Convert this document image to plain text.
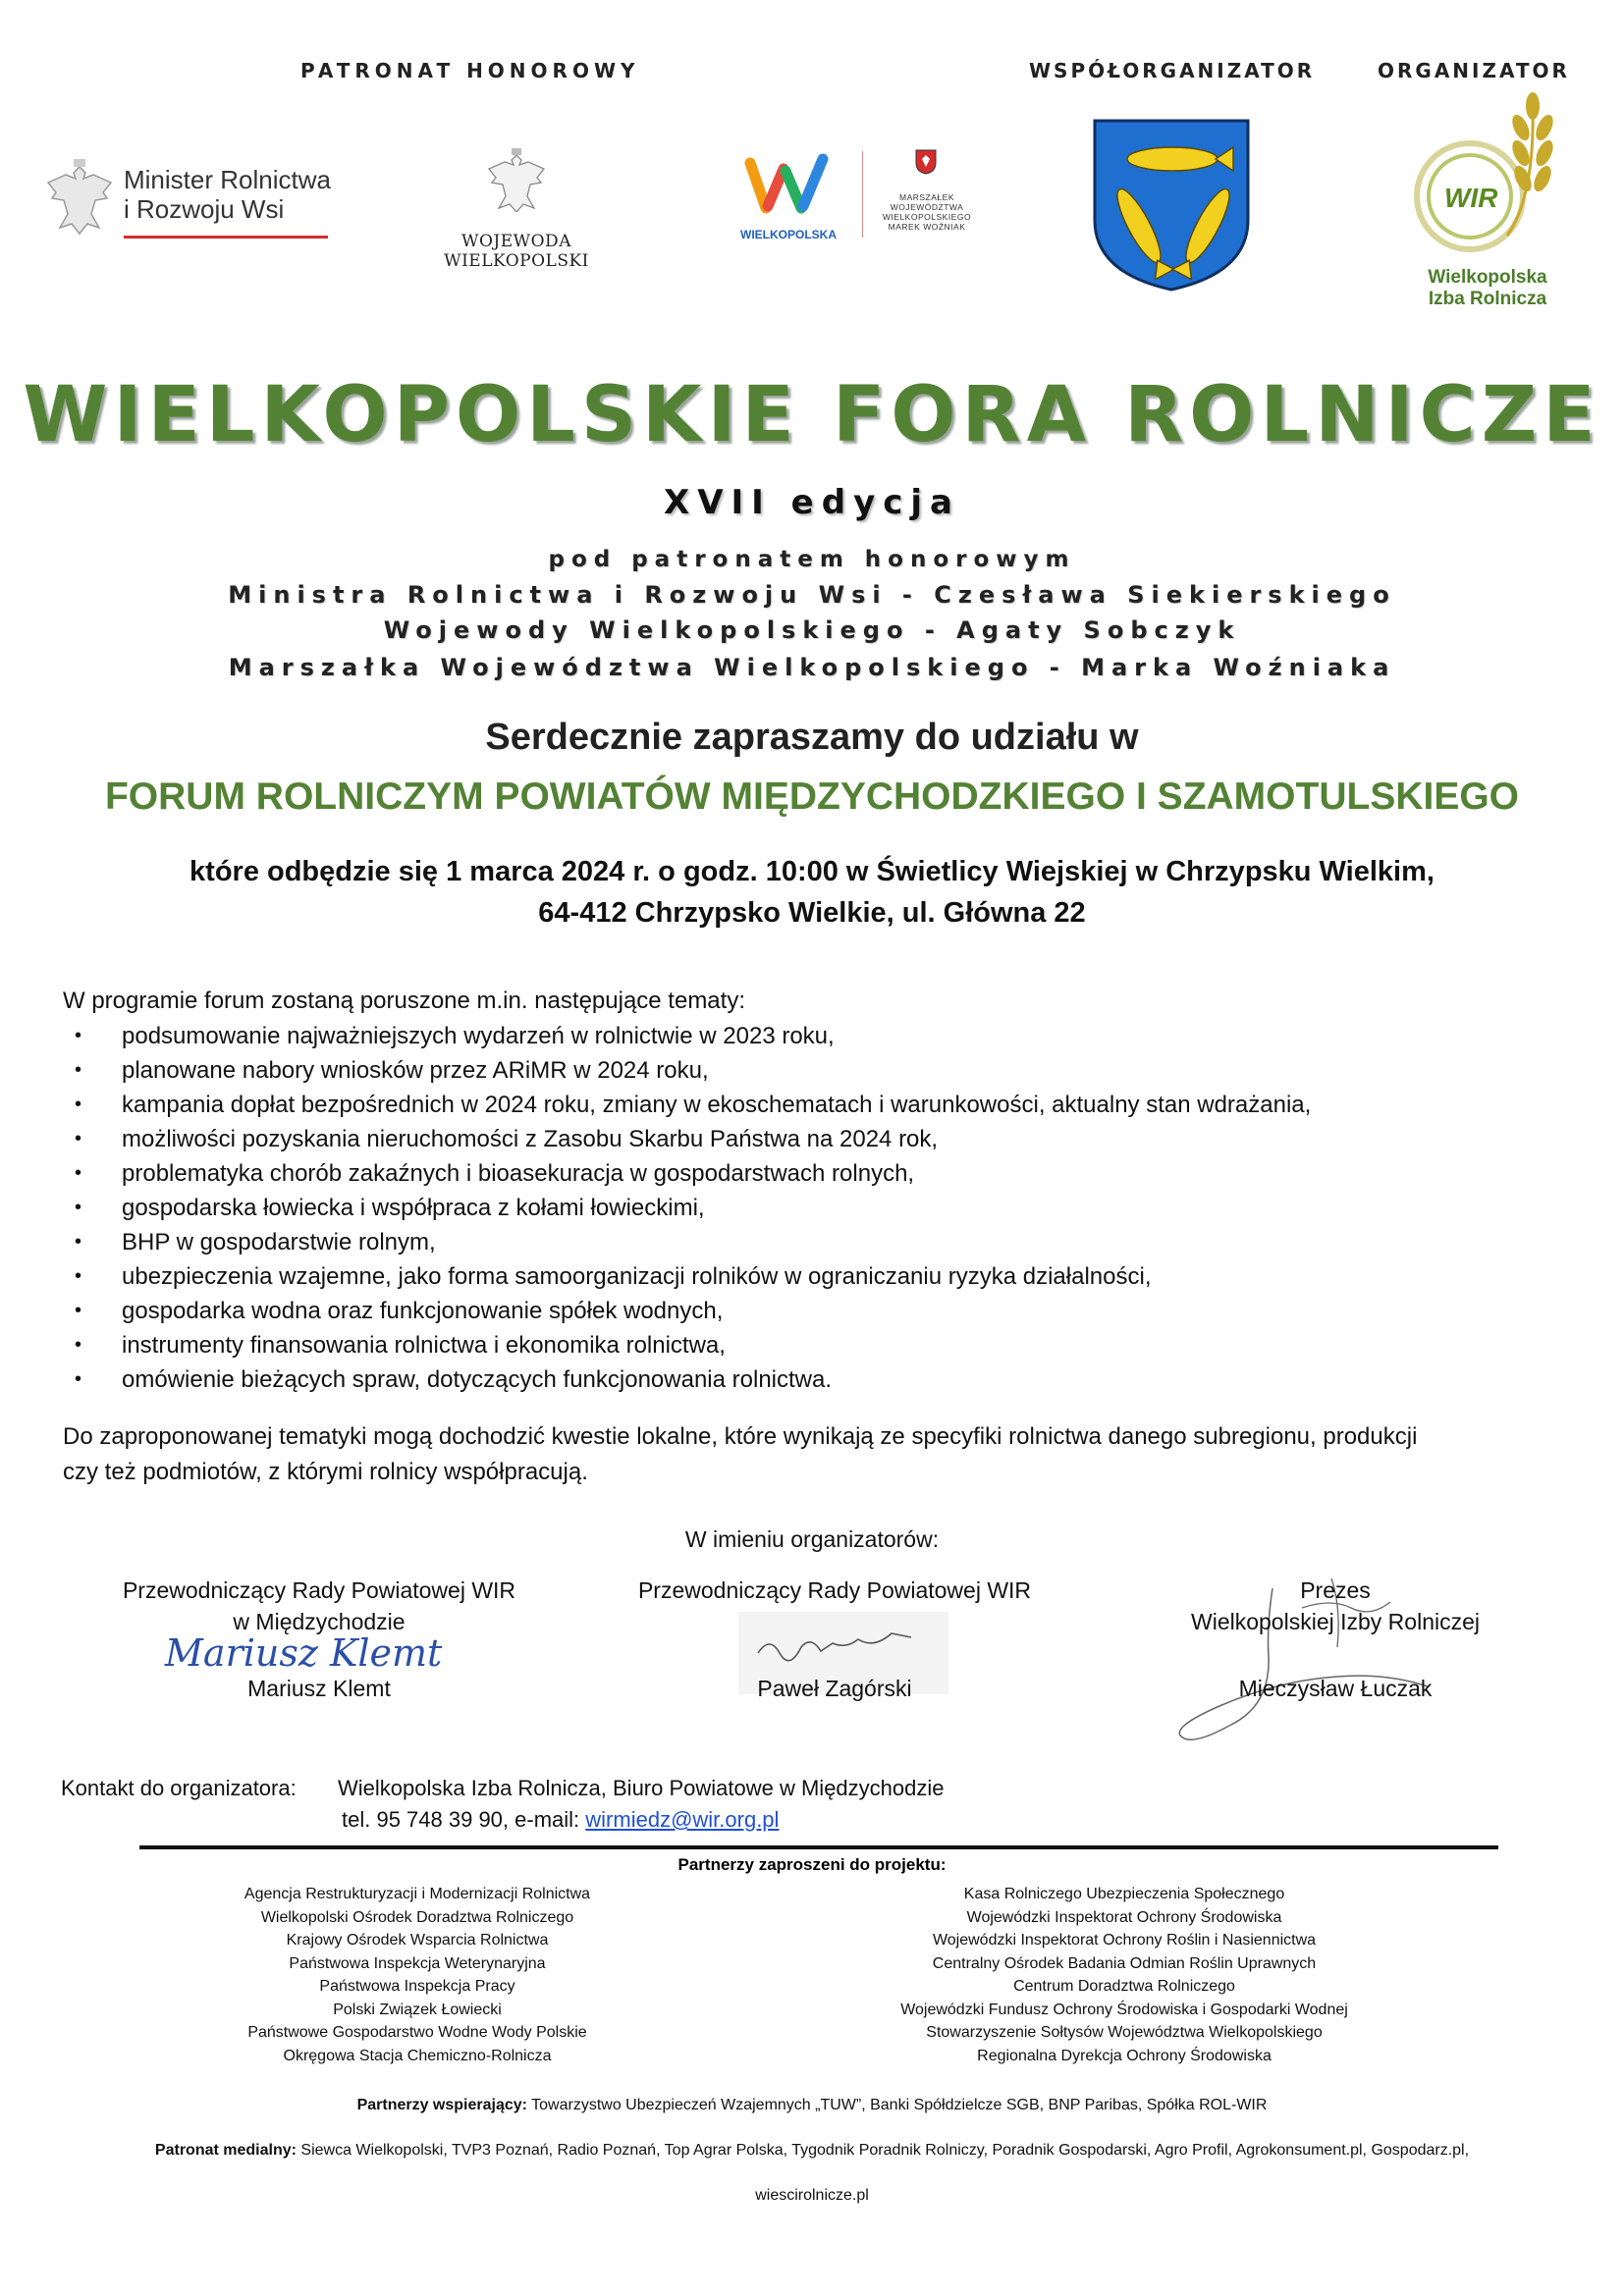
PATRONAT HONOROWY	WSPÓŁORGANIZATOR	ORGANIZATOR
Minister Rolnictwa
i Rozwoju Wsi
WOJEWODA WIELKOPOLSKI
WIELKOPOLSKA
MARSZAŁEK
WOJEWÓDZTWA
WIELKOPOLSKIEGO
MAREK WOŹNIAK
WIR
Wielkopolska
Izba Rolnicza
WIELKOPOLSKIE FORA ROLNICZE
XVII edycja
pod patronatem honorowym
Ministra Rolnictwa i Rozwoju Wsi - Czesława Siekierskiego
Wojewody Wielkopolskiego - Agaty Sobczyk
Marszałka Województwa Wielkopolskiego - Marka Woźniaka
Serdecznie zapraszamy do udziału w
FORUM ROLNICZYM POWIATÓW MIĘDZYCHODZKIEGO I SZAMOTULSKIEGO
które odbędzie się 1 marca 2024 r. o godz. 10:00 w Świetlicy Wiejskiej w Chrzypsku Wielkim,
64-412 Chrzypsko Wielkie, ul. Główna 22
W programie forum zostaną poruszone m.in. następujące tematy:
• podsumowanie najważniejszych wydarzeń w rolnictwie w 2023 roku,
• planowane nabory wniosków przez ARiMR w 2024 roku,
• kampania dopłat bezpośrednich w 2024 roku, zmiany w ekoschematach i warunkowości, aktualny stan wdrażania,
• możliwości pozyskania nieruchomości z Zasobu Skarbu Państwa na 2024 rok,
• problematyka chorób zakaźnych i bioasekuracja w gospodarstwach rolnych,
• gospodarska łowiecka i współpraca z kołami łowieckimi,
• BHP w gospodarstwie rolnym,
• ubezpieczenia wzajemne, jako forma samoorganizacji rolników w ograniczaniu ryzyka działalności,
• gospodarka wodna oraz funkcjonowanie spółek wodnych,
• instrumenty finansowania rolnictwa i ekonomika rolnictwa,
• omówienie bieżących spraw, dotyczących funkcjonowania rolnictwa.
Do zaproponowanej tematyki mogą dochodzić kwestie lokalne, które wynikają ze specyfiki rolnictwa danego subregionu, produkcji
czy też podmiotów, z którymi rolnicy współpracują.
W imieniu organizatorów:
Przewodniczący Rady Powiatowej WIR
w Międzychodzie
Mariusz Klemt
Mariusz Klemt
Przewodniczący Rady Powiatowej WIR
Paweł Zagórski
Prezes
Wielkopolskiej Izby Rolniczej
Mieczysław Łuczak
Kontakt do organizatora: Wielkopolska Izba Rolnicza, Biuro Powiatowe w Międzychodzie
tel. 95 748 39 90, e-mail: wirmiedz@wir.org.pl
Partnerzy zaproszeni do projektu:
Agencja Restrukturyzacji i Modernizacji Rolnictwa
Wielkopolski Ośrodek Doradztwa Rolniczego
Krajowy Ośrodek Wsparcia Rolnictwa
Państwowa Inspekcja Weterynaryjna
Państwowa Inspekcja Pracy
Polski Związek Łowiecki
Państwowe Gospodarstwo Wodne Wody Polskie
Okręgowa Stacja Chemiczno-Rolnicza
Kasa Rolniczego Ubezpieczenia Społecznego
Wojewódzki Inspektorat Ochrony Środowiska
Wojewódzki Inspektorat Ochrony Roślin i Nasiennictwa
Centralny Ośrodek Badania Odmian Roślin Uprawnych
Centrum Doradztwa Rolniczego
Wojewódzki Fundusz Ochrony Środowiska i Gospodarki Wodnej
Stowarzyszenie Sołtysów Województwa Wielkopolskiego
Regionalna Dyrekcja Ochrony Środowiska
Partnerzy wspierający: Towarzystwo Ubezpieczeń Wzajemnych „TUW”, Banki Spółdzielcze SGB, BNP Paribas, Spółka ROL-WIR
Patronat medialny: Siewca Wielkopolski, TVP3 Poznań, Radio Poznań, Top Agrar Polska, Tygodnik Poradnik Rolniczy, Poradnik Gospodarski, Agro Profil, Agrokonsument.pl, Gospodarz.pl,
wiescirolnicze.pl
